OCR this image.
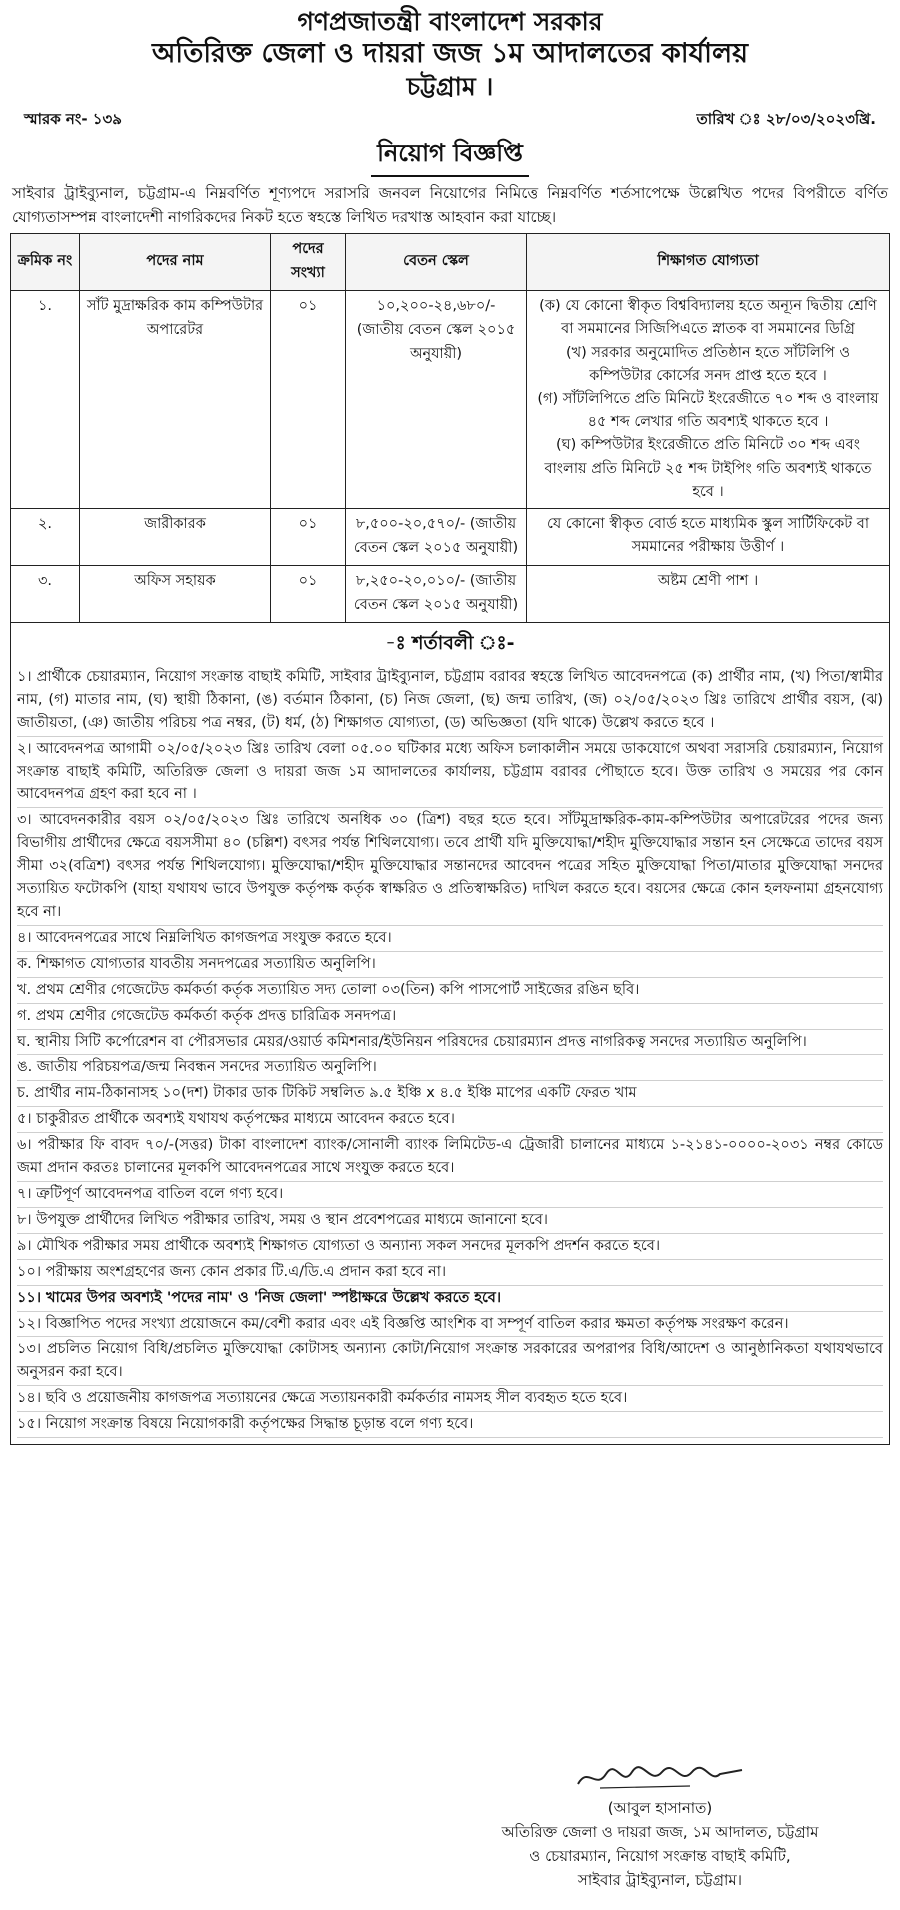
গণপ্রজাতন্ত্রী বাংলাদেশ সরকার
অতিরিক্ত জেলা ও দায়রা জজ ১ম আদালতের কার্যালয়
চট্টগ্রাম ।
স্মারক নং- ১৩৯	তারিখ ঃ ২৮/০৩/২০২৩খ্রি.
নিয়োগ বিজ্ঞপ্তি
সাইবার ট্রাইব্যুনাল, চট্টগ্রাম-এ নিম্নবর্ণিত শূণ্যপদে সরাসরি জনবল নিয়োগের নিমিত্তে নিম্নবর্ণিত শর্তসাপেক্ষে উল্লেখিত পদের বিপরীতে বর্ণিত যোগ্যতাসম্পন্ন বাংলাদেশী নাগরিকদের নিকট হতে স্বহস্তে লিখিত দরখাস্ত আহবান করা যাচ্ছে।
ক্রমিক নং	পদের নাম	পদের সংখ্যা	বেতন স্কেল	শিক্ষাগত যোগ্যতা
১.	সাঁট মুদ্রাক্ষরিক কাম কম্পিউটার অপারেটর	০১	১০,২০০-২৪,৬৮০/- (জাতীয় বেতন স্কেল ২০১৫ অনুযায়ী)	(ক) যে কোনো স্বীকৃত বিশ্ববিদ্যালয় হতে অন্যূন দ্বিতীয় শ্রেণি বা সমমানের সিজিপিএতে স্নাতক বা সমমানের ডিগ্রি
(খ) সরকার অনুমোদিত প্রতিষ্ঠান হতে সাঁটলিপি ও কম্পিউটার কোর্সের সনদ প্রাপ্ত হতে হবে ।
(গ) সাঁটলিপিতে প্রতি মিনিটে ইংরেজীতে ৭০ শব্দ ও বাংলায় ৪৫ শব্দ লেখার গতি অবশ্যই থাকতে হবে ।
(ঘ) কম্পিউটার ইংরেজীতে প্রতি মিনিটে ৩০ শব্দ এবং বাংলায় প্রতি মিনিটে ২৫ শব্দ টাইপিং গতি অবশ্যই থাকতে হবে ।

২.	জারীকারক	০১	৮,৫০০-২০,৫৭০/- (জাতীয় বেতন স্কেল ২০১৫ অনুযায়ী)	যে কোনো স্বীকৃত বোর্ড হতে মাধ্যমিক স্কুল সার্টিফিকেট বা সমমানের পরীক্ষায় উত্তীর্ণ ।

৩.	অফিস সহায়ক	০১	৮,২৫০-২০,০১০/- (জাতীয় বেতন স্কেল ২০১৫ অনুযায়ী)	অষ্টম শ্রেণী পাশ ।
-ঃ শর্তাবলী ঃ-
১। প্রার্থীকে চেয়ারম্যান, নিয়োগ সংক্রান্ত বাছাই কমিটি, সাইবার ট্রাইব্যুনাল, চট্টগ্রাম বরাবর স্বহস্তে লিখিত আবেদনপত্রে (ক) প্রার্থীর নাম, (খ) পিতা/স্বামীর নাম, (গ) মাতার নাম, (ঘ) স্থায়ী ঠিকানা, (ঙ) বর্তমান ঠিকানা, (চ) নিজ জেলা, (ছ) জন্ম তারিখ, (জ) ০২/০৫/২০২৩ খ্রিঃ তারিখে প্রার্থীর বয়স, (ঝ) জাতীয়তা, (ঞ) জাতীয় পরিচয় পত্র নম্বর, (ট) ধর্ম, (ঠ) শিক্ষাগত যোগ্যতা, (ড) অভিজ্ঞতা (যদি থাকে) উল্লেখ করতে হবে ।
২। আবেদনপত্র আগামী ০২/০৫/২০২৩ খ্রিঃ তারিখ বেলা ০৫.০০ ঘটিকার মধ্যে অফিস চলাকালীন সময়ে ডাকযোগে অথবা সরাসরি চেয়ারম্যান, নিয়োগ সংক্রান্ত বাছাই কমিটি, অতিরিক্ত জেলা ও দায়রা জজ ১ম আদালতের কার্যালয়, চট্টগ্রাম বরাবর পৌছাতে হবে। উক্ত তারিখ ও সময়ের পর কোন আবেদনপত্র গ্রহণ করা হবে না ।
৩। আবেদনকারীর বয়স ০২/০৫/২০২৩ খ্রিঃ তারিখে অনধিক ৩০ (ত্রিশ) বছর হতে হবে। সাঁটমুদ্রাক্ষরিক-কাম-কম্পিউটার অপারেটরের পদের জন্য বিভাগীয় প্রার্থীদের ক্ষেত্রে বয়সসীমা ৪০ (চল্লিশ) বৎসর পর্যন্ত শিথিলযোগ্য। তবে প্রার্থী যদি মুক্তিযোদ্ধা/শহীদ মুক্তিযোদ্ধার সন্তান হন সেক্ষেত্রে তাদের বয়স সীমা ৩২(বত্রিশ) বৎসর পর্যন্ত শিথিলযোগ্য। মুক্তিযোদ্ধা/শহীদ মুক্তিযোদ্ধার সন্তানদের আবেদন পত্রের সহিত মুক্তিযোদ্ধা পিতা/মাতার মুক্তিযোদ্ধা সনদের সত্যায়িত ফটোকপি (যাহা যথাযথ ভাবে উপযুক্ত কর্তৃপক্ষ কর্তৃক স্বাক্ষরিত ও প্রতিস্বাক্ষরিত) দাখিল করতে হবে। বয়সের ক্ষেত্রে কোন হলফনামা গ্রহনযোগ্য হবে না।
৪। আবেদনপত্রের সাথে নিম্নলিখিত কাগজপত্র সংযুক্ত করতে হবে।
ক. শিক্ষাগত যোগ্যতার যাবতীয় সনদপত্রের সত্যায়িত অনুলিপি।
খ. প্রথম শ্রেণীর গেজেটেড কর্মকর্তা কর্তৃক সত্যায়িত সদ্য তোলা ০৩(তিন) কপি পাসপোর্ট সাইজের রঙিন ছবি।
গ. প্রথম শ্রেণীর গেজেটেড কর্মকর্তা কর্তৃক প্রদত্ত চারিত্রিক সনদপত্র।
ঘ. স্থানীয় সিটি কর্পোরেশন বা পৌরসভার মেয়র/ওয়ার্ড কমিশনার/ইউনিয়ন পরিষদের চেয়ারম্যান প্রদত্ত নাগরিকত্ব সনদের সত্যায়িত অনুলিপি।
ঙ. জাতীয় পরিচয়পত্র/জন্ম নিবন্ধন সনদের সত্যায়িত অনুলিপি।
চ. প্রার্থীর নাম-ঠিকানাসহ ১০(দশ) টাকার ডাক টিকিট সম্বলিত ৯.৫ ইঞ্চি x ৪.৫ ইঞ্চি মাপের একটি ফেরত খাম
৫। চাকুরীরত প্রার্থীকে অবশ্যই যথাযথ কর্তৃপক্ষের মাধ্যমে আবেদন করতে হবে।
৬। পরীক্ষার ফি বাবদ ৭০/-(সত্তর) টাকা বাংলাদেশ ব্যাংক/সোনালী ব্যাংক লিমিটেড-এ ট্রেজারী চালানের মাধ্যমে ১-২১৪১-০০০০-২০৩১ নম্বর কোডে জমা প্রদান করতঃ চালানের মূলকপি আবেদনপত্রের সাথে সংযুক্ত করতে হবে।
৭। ত্রুটিপূর্ণ আবেদনপত্র বাতিল বলে গণ্য হবে।
৮। উপযুক্ত প্রার্থীদের লিখিত পরীক্ষার তারিখ, সময় ও স্থান প্রবেশপত্রের মাধ্যমে জানানো হবে।
৯। মৌখিক পরীক্ষার সময় প্রার্থীকে অবশ্যই শিক্ষাগত যোগ্যতা ও অন্যান্য সকল সনদের মূলকপি প্রদর্শন করতে হবে।
১০। পরীক্ষায় অংশগ্রহণের জন্য কোন প্রকার টি.এ/ডি.এ প্রদান করা হবে না।
১১। খামের উপর অবশ্যই 'পদের নাম' ও 'নিজ জেলা' স্পষ্টাক্ষরে উল্লেখ করতে হবে।
১২। বিজ্ঞাপিত পদের সংখ্যা প্রয়োজনে কম/বেশী করার এবং এই বিজ্ঞপ্তি আংশিক বা সম্পূর্ণ বাতিল করার ক্ষমতা কর্তৃপক্ষ সংরক্ষণ করেন।
১৩। প্রচলিত নিয়োগ বিধি/প্রচলিত মুক্তিযোদ্ধা কোটাসহ অন্যান্য কোটা/নিয়োগ সংক্রান্ত সরকারের অপরাপর বিধি/আদেশ ও আনুষ্ঠানিকতা যথাযথভাবে অনুসরন করা হবে।
১৪। ছবি ও প্রয়োজনীয় কাগজপত্র সত্যায়নের ক্ষেত্রে সত্যায়নকারী কর্মকর্তার নামসহ সীল ব্যবহৃত হতে হবে।
১৫। নিয়োগ সংক্রান্ত বিষয়ে নিয়োগকারী কর্তৃপক্ষের সিদ্ধান্ত চূড়ান্ত বলে গণ্য হবে।
(আবুল হাসানাত)
অতিরিক্ত জেলা ও দায়রা জজ, ১ম আদালত, চট্টগ্রাম
ও চেয়ারম্যান, নিয়োগ সংক্রান্ত বাছাই কমিটি,
সাইবার ট্রাইব্যুনাল, চট্টগ্রাম।
